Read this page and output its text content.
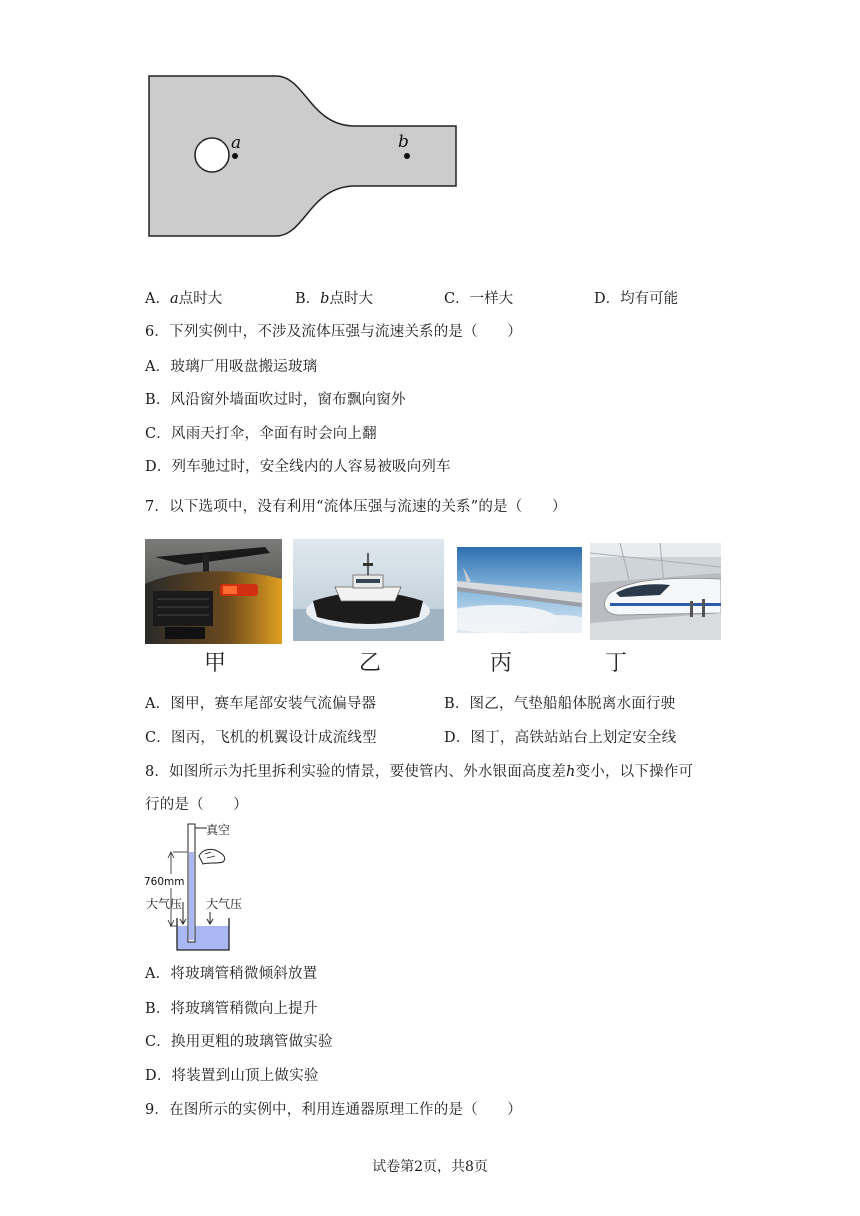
a	b
A．a点时大	B．b点时大	C．一样大	D．均有可能
6．下列实例中，不涉及流体压强与流速关系的是（　　）
A．玻璃厂用吸盘搬运玻璃
B．风沿窗外墙面吹过时，窗布飘向窗外
C．风雨天打伞，伞面有时会向上翻
D．列车驰过时，安全线内的人容易被吸向列车
7．以下选项中，没有利用“流体压强与流速的关系”的是（　　）
甲	乙	丙	丁
A．图甲，赛车尾部安装气流偏导器	B．图乙，气垫船船体脱离水面行驶
C．图丙，飞机的机翼设计成流线型	D．图丁，高铁站站台上划定安全线
8．如图所示为托里拆利实验的情景，要使管内、外水银面高度差h变小，以下操作可
行的是（　　）
真空
760mm
大气压 大气压
A．将玻璃管稍微倾斜放置
B．将玻璃管稍微向上提升
C．换用更粗的玻璃管做实验
D．将装置到山顶上做实验
9．在图所示的实例中，利用连通器原理工作的是（　　）
试卷第2页，共8页
